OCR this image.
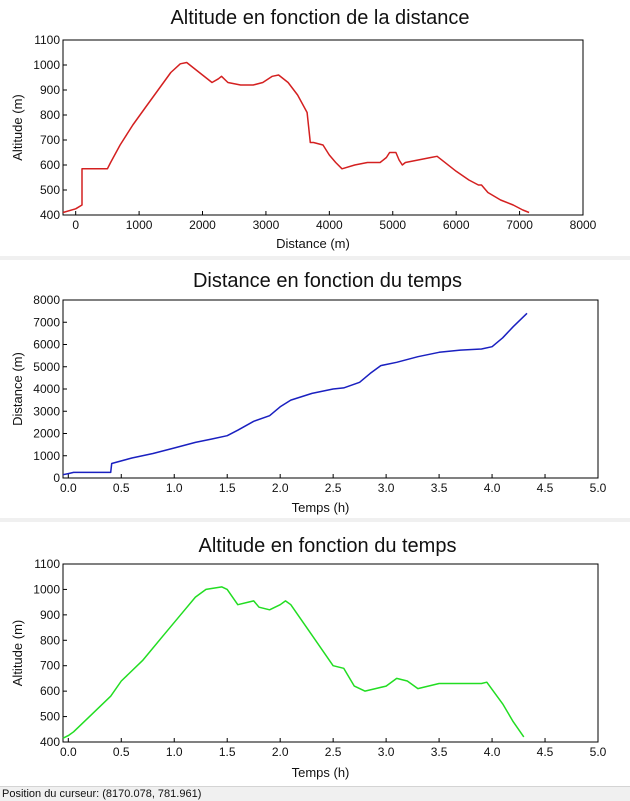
Altitude en fonction de la distance
0	1000	2000	3000	4000	5000	6000	7000	8000
400
500
600
700
800
900
1000
1100
Distance (m)
Altitude (m)
Distance en fonction du temps
0.0	0.5	1.0	1.5	2.0	2.5	3.0	3.5	4.0	4.5	5.0
0
1000
2000
3000
4000
5000
6000
7000
8000
Temps (h)
Distance (m)
Altitude en fonction du temps
0.0	0.5	1.0	1.5	2.0	2.5	3.0	3.5	4.0	4.5	5.0
400
500
600
700
800
900
1000
1100
Temps (h)
Altitude (m)
Position du curseur: (8170.078, 781.961)
